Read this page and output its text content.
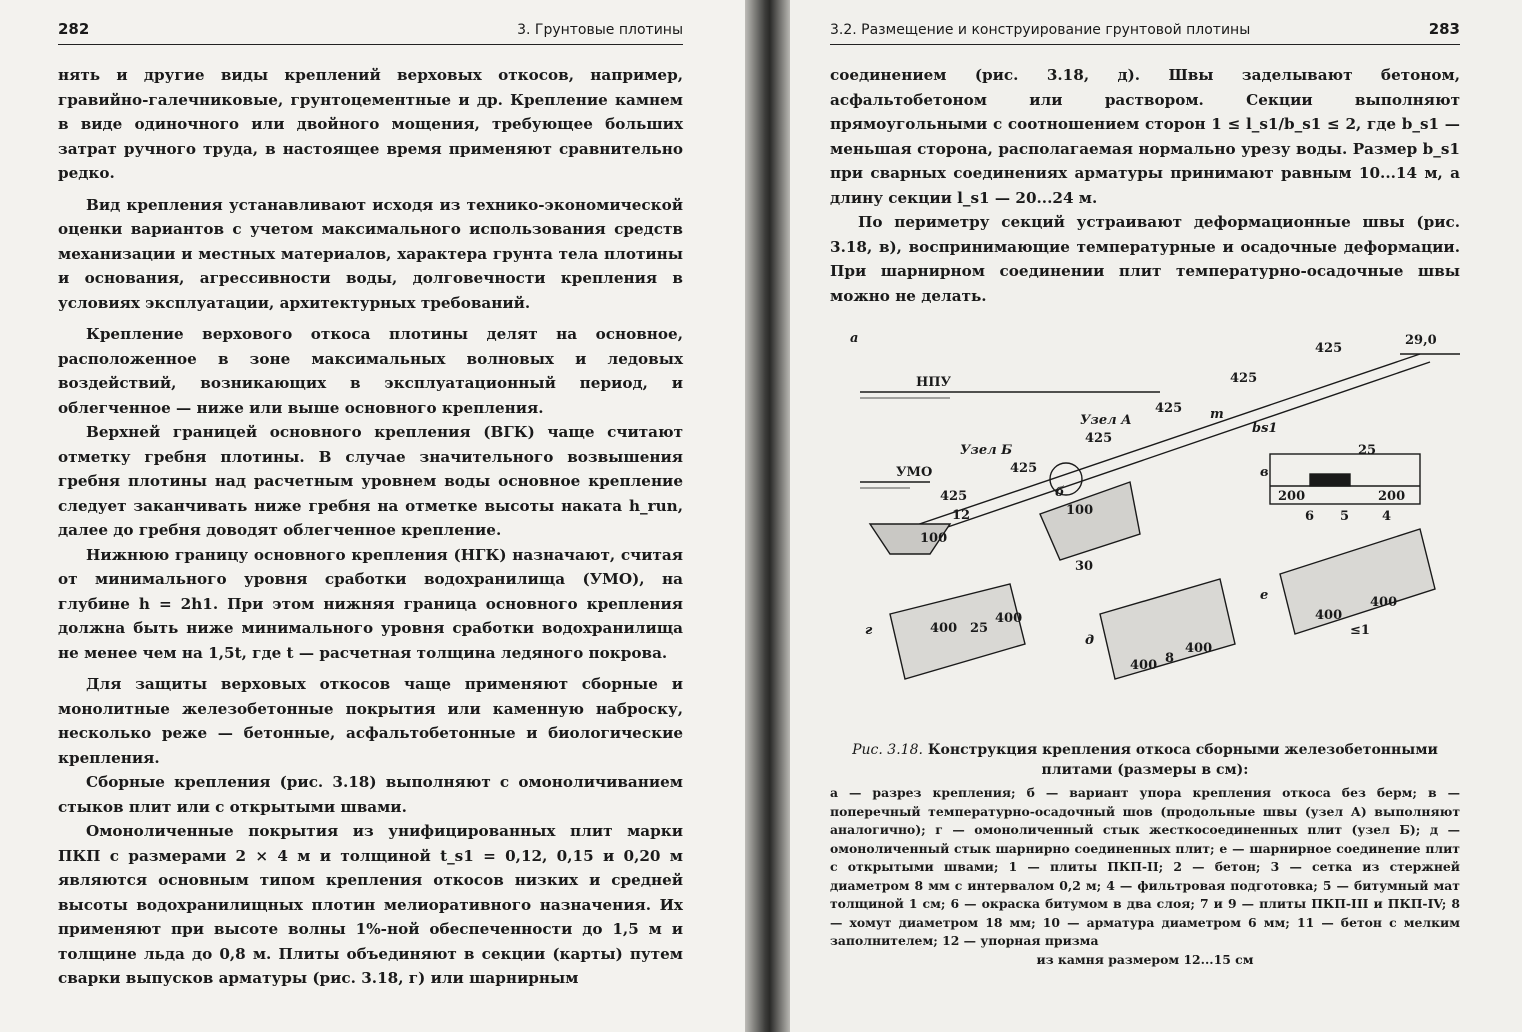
282	3. Грунтовые плотины

нять и другие виды креплений верховых откосов, например, гравийно-галечниковые, грунтоцементные и др. Крепление камнем в виде одиночного или двойного мощения, требующее больших затрат ручного труда, в настоящее время применяют сравнительно редко.

Вид крепления устанавливают исходя из технико-экономической оценки вариантов с учетом максимального использования средств механизации и местных материалов, характера грунта тела плотины и основания, агрессивности воды, долговечности крепления в условиях эксплуатации, архитектурных требований.

Крепление верхового откоса плотины делят на основное, расположенное в зоне максимальных волновых и ледовых воздействий, возникающих в эксплуатационный период, и облегченное — ниже или выше основного крепления.

Верхней границей основного крепления (ВГК) чаще считают отметку гребня плотины. В случае значительного возвышения гребня плотины над расчетным уровнем воды основное крепление следует заканчивать ниже гребня на отметке высоты наката h_run, далее до гребня доводят облегченное крепление.

Нижнюю границу основного крепления (НГК) назначают, считая от минимального уровня сработки водохранилища (УМО), на глубине h = 2h1. При этом нижняя граница основного крепления должна быть ниже минимального уровня сработки водохранилища не менее чем на 1,5t, где t — расчетная толщина ледяного покрова.

Для защиты верховых откосов чаще применяют сборные и монолитные железобетонные покрытия или каменную наброску, несколько реже — бетонные, асфальтобетонные и биологические крепления.

Сборные крепления (рис. 3.18) выполняют с омоноличиванием стыков плит или с открытыми швами.

Омоноличенные покрытия из унифицированных плит марки ПКП с размерами 2 × 4 м и толщиной t_s1 = 0,12, 0,15 и 0,20 м являются основным типом крепления откосов низких и средней высоты водохранилищных плотин мелиоративного назначения. Их применяют при высоте волны 1%-ной обеспеченности до 1,5 м и толщине льда до 0,8 м. Плиты объединяют в секции (карты) путем сварки выпусков арматуры (рис. 3.18, г) или шарнирным

3.2. Размещение и конструирование грунтовой плотины	283

соединением (рис. 3.18, д). Швы заделывают бетоном, асфальтобетоном или раствором. Секции выполняют прямоугольными с соотношением сторон 1 ≤ l_s1/b_s1 ≤ 2, где b_s1 — меньшая сторона, располагаемая нормально урезу воды. Размер b_s1 при сварных соединениях арматуры принимают равным 10...14 м, а длину секции l_s1 — 20...24 м.

По периметру секций устраивают деформационные швы (рис. 3.18, в), воспринимающие температурные и осадочные деформации. При шарнирном соединении плит температурно-осадочные швы можно не делать.

а
НПУ
УМО
29,0
Узел А
Узел Б
425
425
425
425
425
425
m
bs1
в
25
200	200
5
6	4
б
100
100
12
30
г	400 25
400
д
400 8
400
е
400
400
≤1
Рис. 3.18. Конструкция крепления откоса сборными железобетонными плитами (размеры в см):
а — разрез крепления; б — вариант упора крепления откоса без берм; в — поперечный температурно-осадочный шов (продольные швы (узел А) выполняют аналогично); г — омоноличенный стык жесткосоединенных плит (узел Б); д — омоноличенный стык шарнирно соединенных плит; е — шарнирное соединение плит с открытыми швами; 1 — плиты ПКП-II; 2 — бетон; 3 — сетка из стержней диаметром 8 мм с интервалом 0,2 м; 4 — фильтровая подготовка; 5 — битумный мат толщиной 1 см; 6 — окраска битумом в два слоя; 7 и 9 — плиты ПКП-III и ПКП-IV; 8 — хомут диаметром 18 мм; 10 — арматура диаметром 6 мм; 11 — бетон с мелким заполнителем; 12 — упорная призма
из камня размером 12...15 см
